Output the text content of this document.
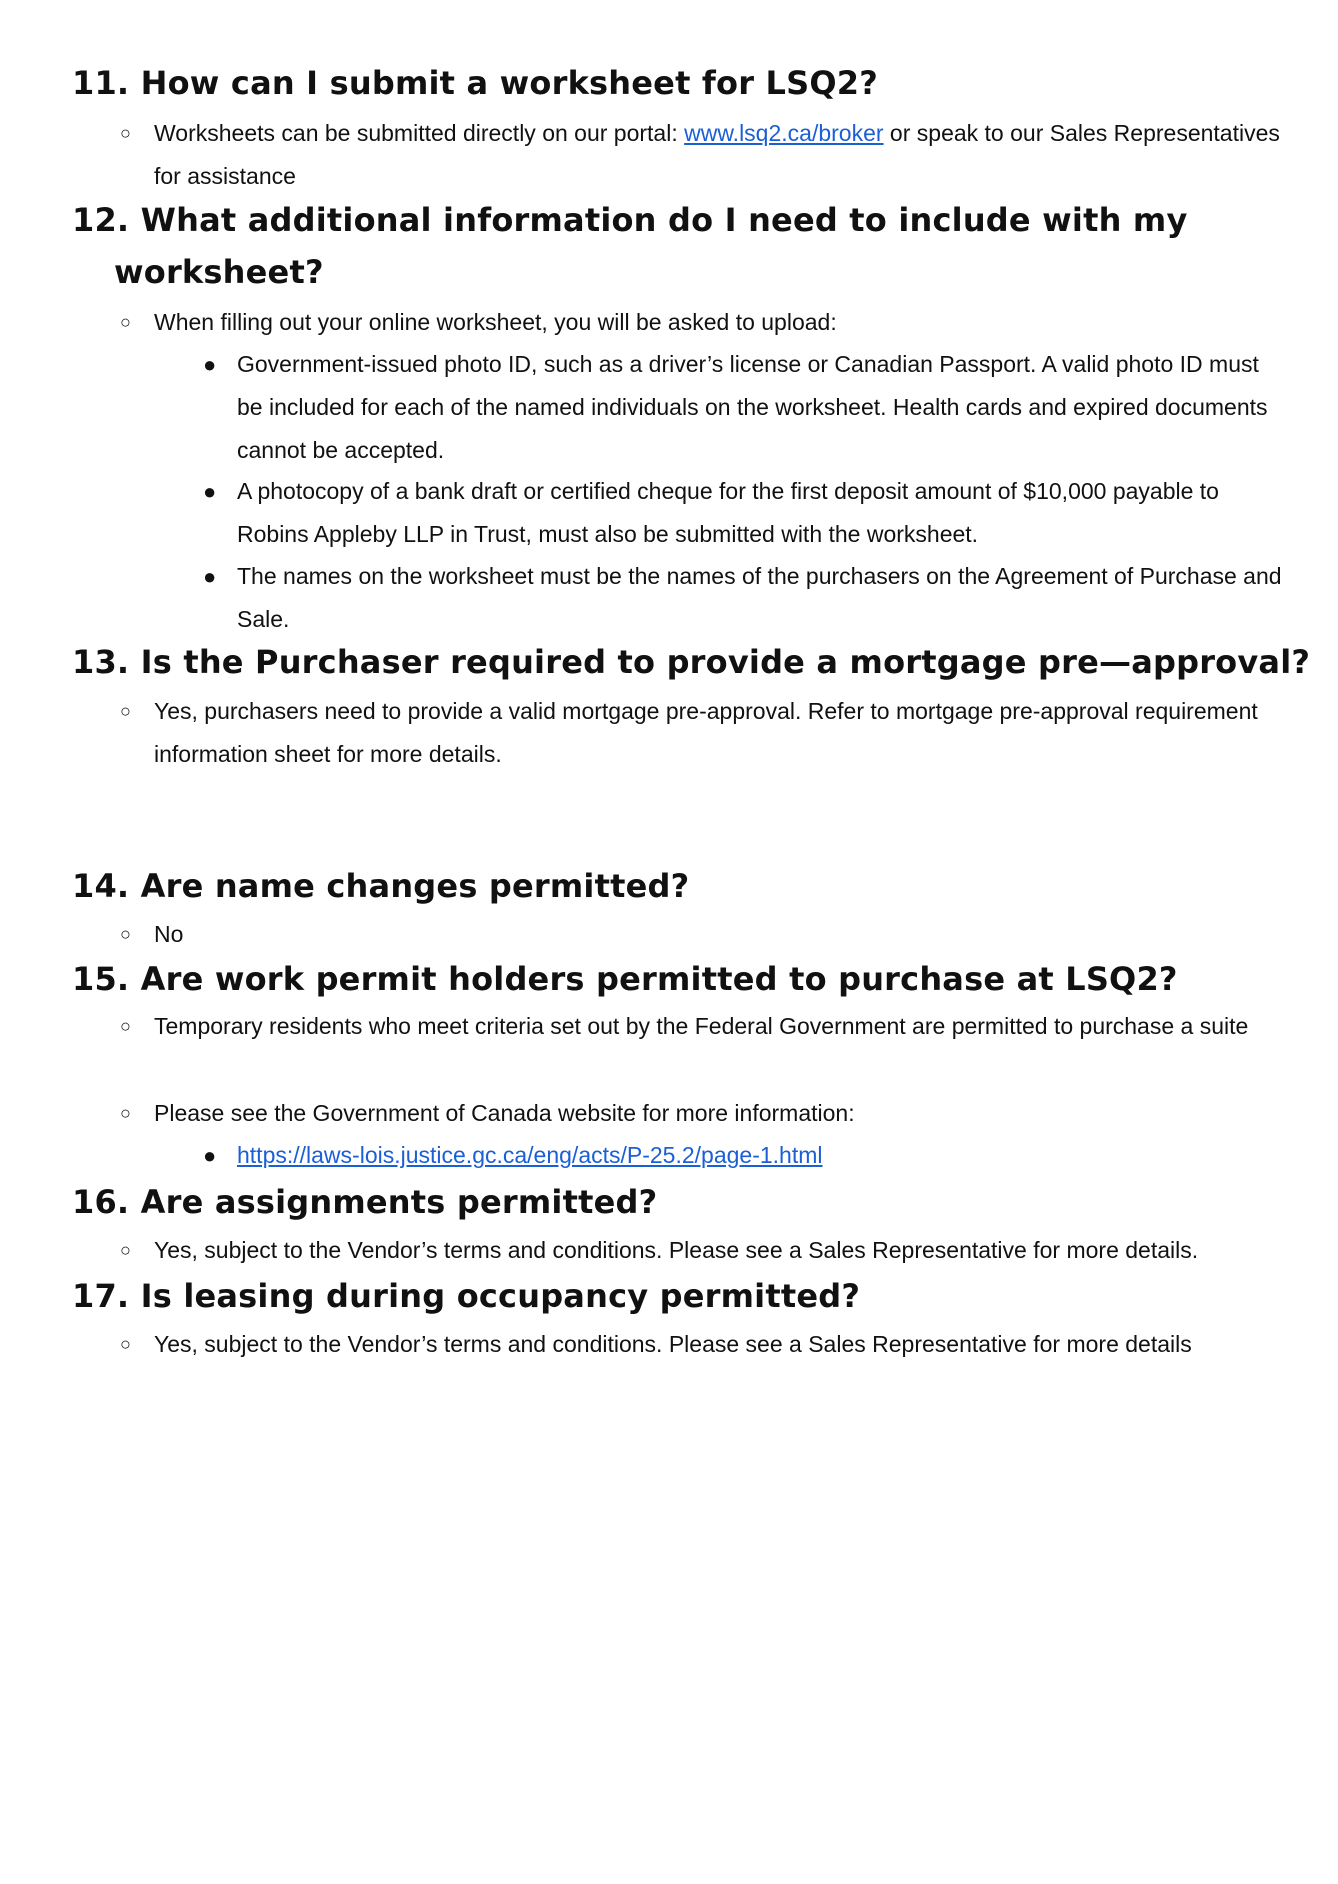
11. How can I submit a worksheet for LSQ2?
○	Worksheets can be submitted directly on our portal: www.lsq2.ca/broker or speak to our Sales Representatives for assistance
12. What additional information do I need to include with my
worksheet?
○	When filling out your online worksheet, you will be asked to upload:
● Government-issued photo ID, such as a driver’s license or Canadian Passport. A valid photo ID must be included for each of the named individuals on the worksheet. Health cards and expired documents cannot be accepted.
● A photocopy of a bank draft or certified cheque for the first deposit amount of $10,000 payable to Robins Appleby LLP in Trust, must also be submitted with the worksheet.
● The names on the worksheet must be the names of the purchasers on the Agreement of Purchase and Sale.
13. Is the Purchaser required to provide a mortgage pre—approval?
○	Yes, purchasers need to provide a valid mortgage pre-approval. Refer to mortgage pre-approval requirement information sheet for more details.
14. Are name changes permitted?
○	No
15. Are work permit holders permitted to purchase at LSQ2?
○	Temporary residents who meet criteria set out by the Federal Government are permitted to purchase a suite
○	Please see the Government of Canada website for more information:
● https://laws-lois.justice.gc.ca/eng/acts/P-25.2/page-1.html
16. Are assignments permitted?
○	Yes, subject to the Vendor’s terms and conditions. Please see a Sales Representative for more details.
17. Is leasing during occupancy permitted?
○	Yes, subject to the Vendor’s terms and conditions. Please see a Sales Representative for more details
